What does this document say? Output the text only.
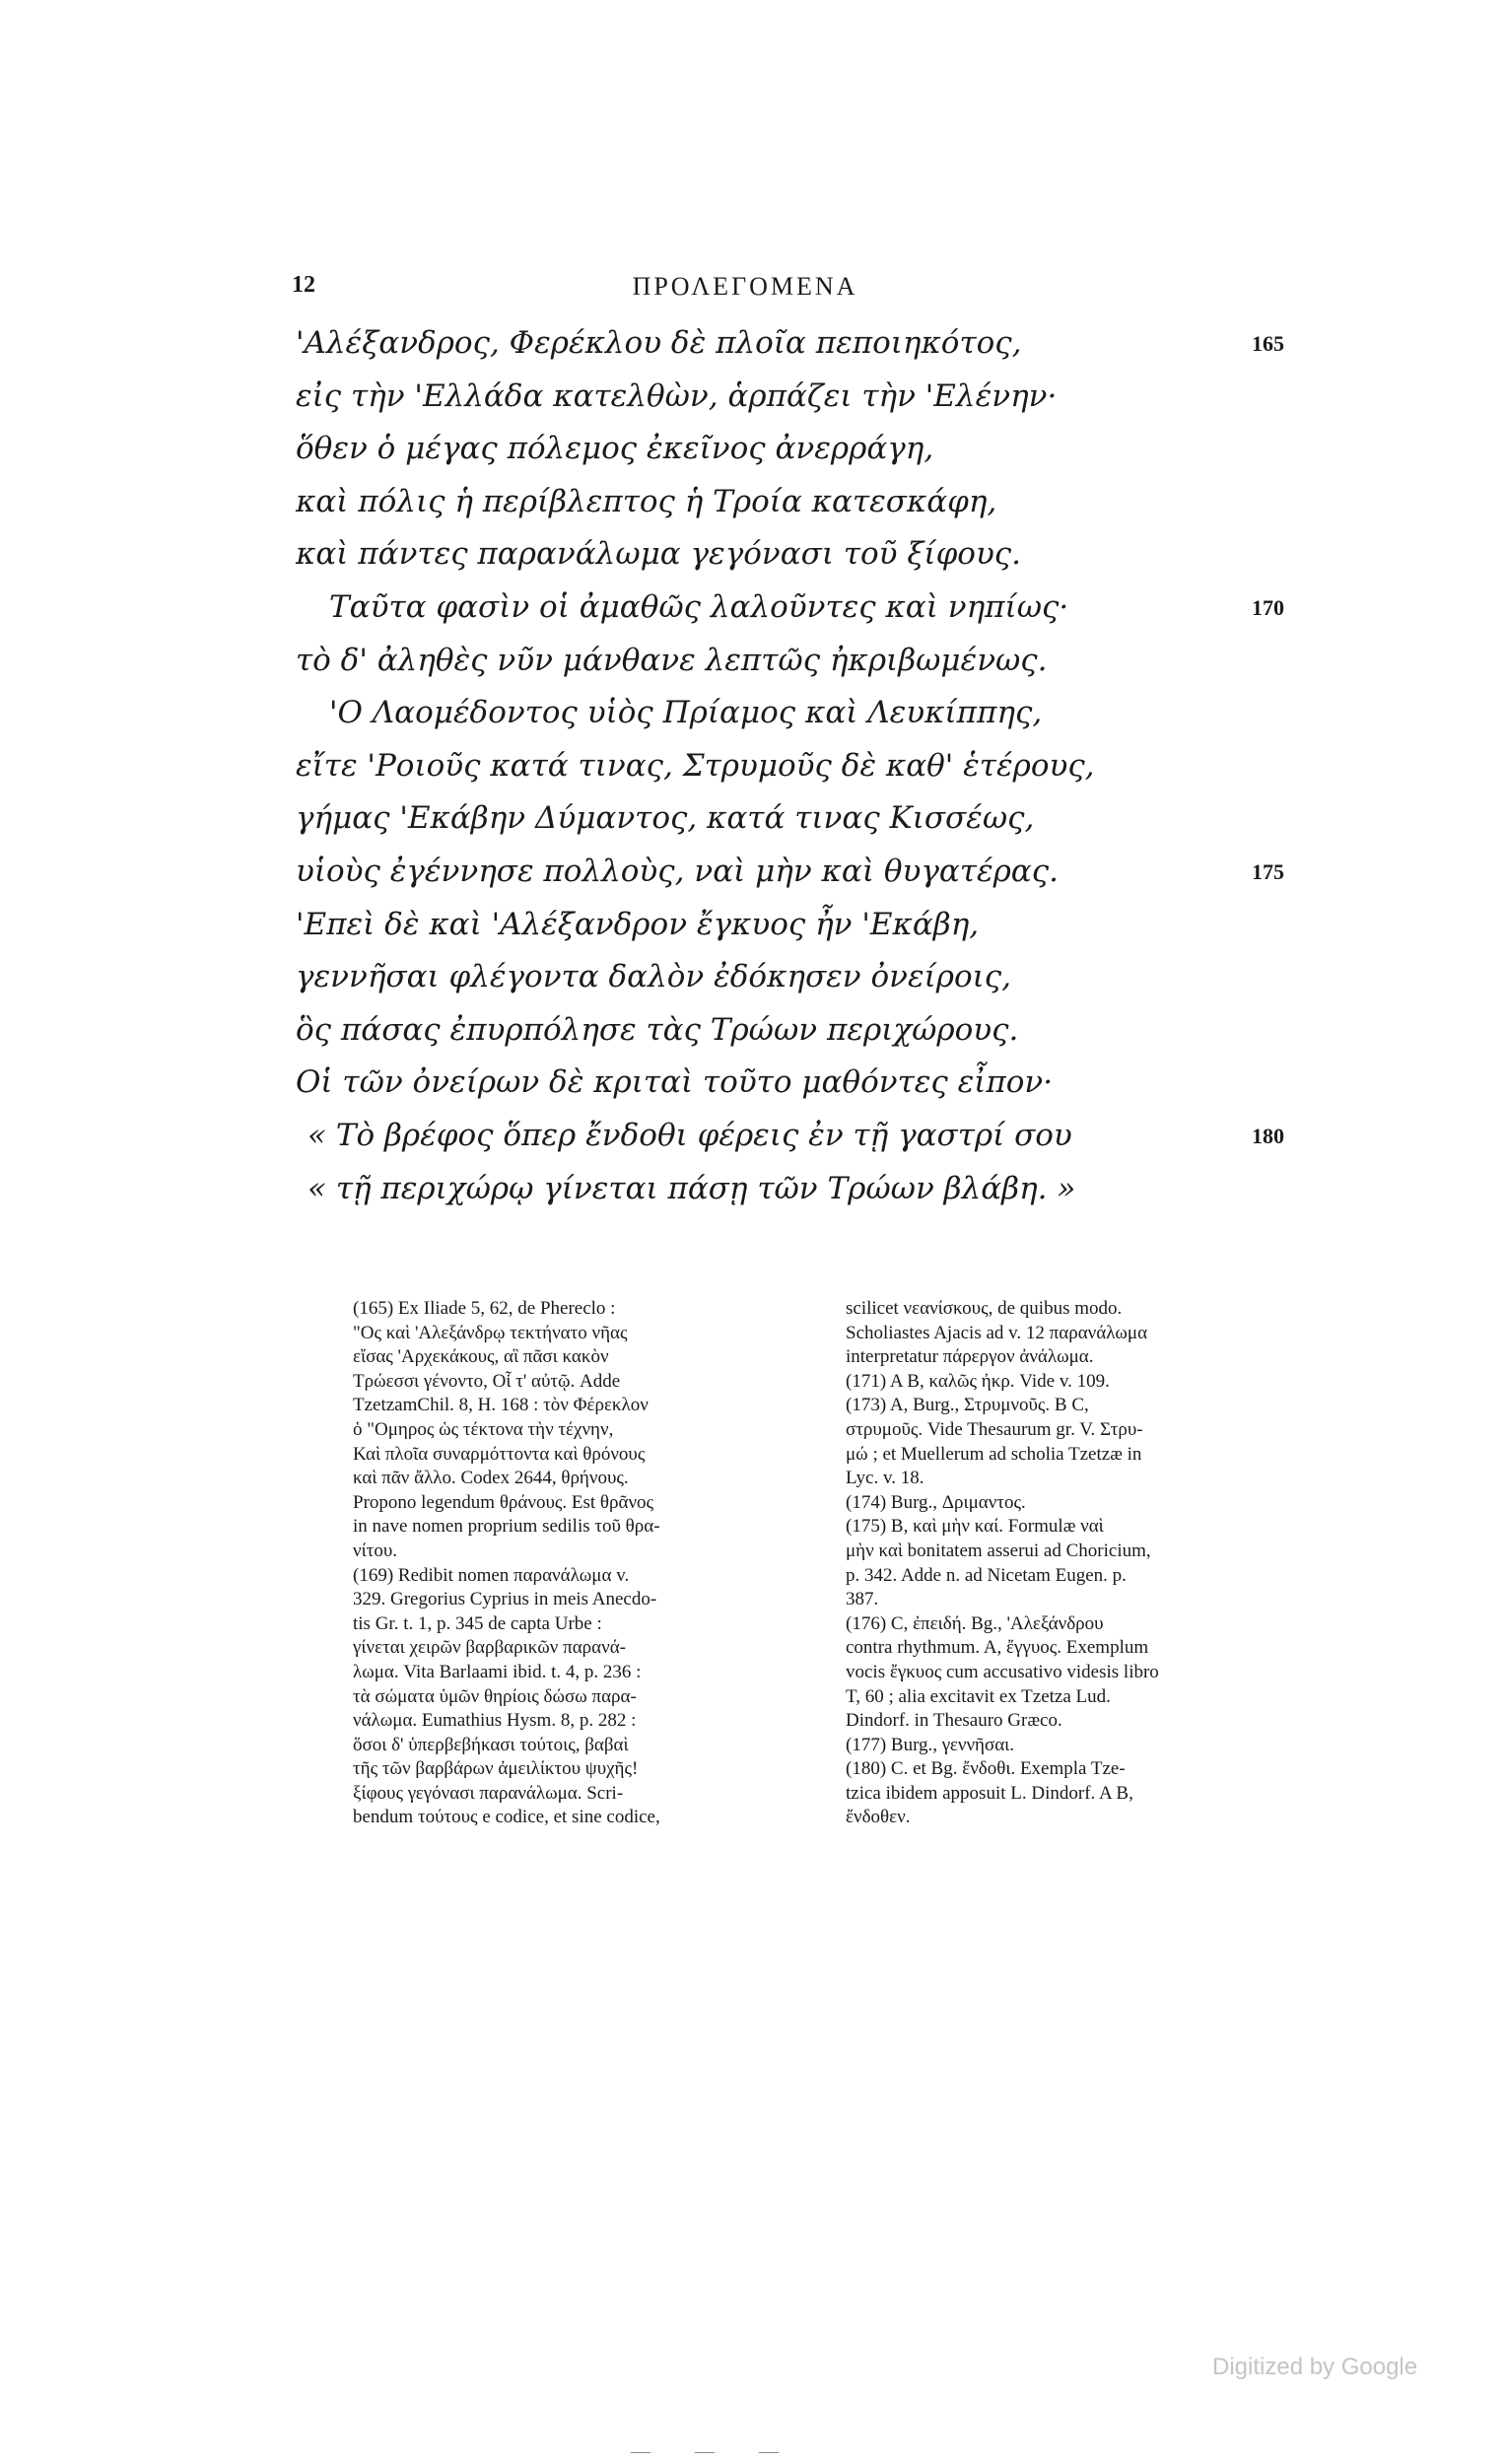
12	ΠΡΟΛΕΓΟΜΕΝΑ
'Αλέξανδρος, Φερέκλου δὲ πλοῖα πεποιηκότος,	165
εἰς τὴν 'Ελλάδα κατελθὼν, ἁρπάζει τὴν 'Ελένην·
ὅθεν ὁ μέγας πόλεμος ἐκεῖνος ἀνερράγη,
καὶ πόλις ἡ περίβλεπτος ἡ Τροία κατεσκάφη,
καὶ πάντες παρανάλωμα γεγόνασι τοῦ ξίφους.
Ταῦτα φασὶν οἱ ἀμαθῶς λαλοῦντες καὶ νηπίως·	170
τὸ δ' ἀληθὲς νῦν μάνθανε λεπτῶς ἠκριβωμένως.
'Ο Λαομέδοντος υἱὸς Πρίαμος καὶ Λευκίππης,
εἴτε 'Ροιοῦς κατά τινας, Στρυμοῦς δὲ καθ' ἑτέρους,
γήμας 'Εκάβην Δύμαντος, κατά τινας Κισσέως,
υἱοὺς ἐγέννησε πολλοὺς, ναὶ μὴν καὶ θυγατέρας.	175
'Επεὶ δὲ καὶ 'Αλέξανδρον ἔγκυος ἦν 'Εκάβη,
γεννῆσαι φλέγοντα δαλὸν ἐδόκησεν ὀνείροις,
ὃς πάσας ἐπυρπόλησε τὰς Τρώων περιχώρους.
Οἱ τῶν ὀνείρων δὲ κριταὶ τοῦτο μαθόντες εἶπον·
« Τὸ βρέφος ὅπερ ἔνδοθι φέρεις ἐν τῇ γαστρί σου	180
« τῇ περιχώρῳ γίνεται πάσῃ τῶν Τρώων βλάβη. »
(165) Ex Iliade 5, 62, de Phereclo :
"Ος καὶ 'Αλεξάνδρῳ τεκτήνατο νῆας
εἴσας 'Αρχεκάκους, αἳ πᾶσι κακὸν
Τρώεσσι γένοντο, Οἷ τ' αὐτῷ. Adde
TzetzamChil. 8, H. 168 : τὸν Φέρεκλον
ὁ "Ομηρος ὡς τέκτονα τὴν τέχνην,
Καὶ πλοῖα συναρμόττοντα καὶ θρόνους
καὶ πᾶν ἄλλο. Codex 2644, θρήνους.
Propono legendum θράνους. Est θρᾶνος
in nave nomen proprium sedilis τοῦ θρα-
νίτου.
(169) Redibit nomen παρανάλωμα v.
329. Gregorius Cyprius in meis Anecdo-
tis Gr. t. 1, p. 345 de capta Urbe :
γίνεται χειρῶν βαρβαρικῶν παρανά-
λωμα. Vita Barlaami ibid. t. 4, p. 236 :
τὰ σώματα ὑμῶν θηρίοις δώσω παρα-
νάλωμα. Eumathius Hysm. 8, p. 282 :
ὅσοι δ' ὑπερβεβήκασι τούτοις, βαβαὶ
τῆς τῶν βαρβάρων ἀμειλίκτου ψυχῆς!
ξίφους γεγόνασι παρανάλωμα. Scri-
bendum τούτους e codice, et sine codice,
scilicet νεανίσκους, de quibus modo.
Scholiastes Ajacis ad v. 12 παρανάλωμα
interpretatur πάρεργον ἀνάλωμα.
(171) A B, καλῶς ἠκρ. Vide v. 109.
(173) A, Burg., Στρυμνοῦς. B C,
στρυμοῦς. Vide Thesaurum gr. V. Στρυ-
μώ ; et Muellerum ad scholia Tzetzæ in
Lyc. v. 18.
(174) Burg., Δριμαντος.
(175) B, καὶ μὴν καί. Formulæ ναὶ
μὴν καὶ bonitatem asserui ad Choricium,
p. 342. Adde n. ad Nicetam Eugen. p.
387.
(176) C, ἐπειδή. Bg., 'Αλεξάνδρου
contra rhythmum. A, ἔγγυος. Exemplum
vocis ἔγκυος cum accusativo videsis libro
T, 60 ; alia excitavit ex Tzetza Lud.
Dindorf. in Thesauro Græco.
(177) Burg., γεννῆσαι.
(180) C. et Bg. ἔνδοθι. Exempla Tze-
tzica ibidem apposuit L. Dindorf. A B,
ἔνδοθεν.
Digitized by Google
— — —
